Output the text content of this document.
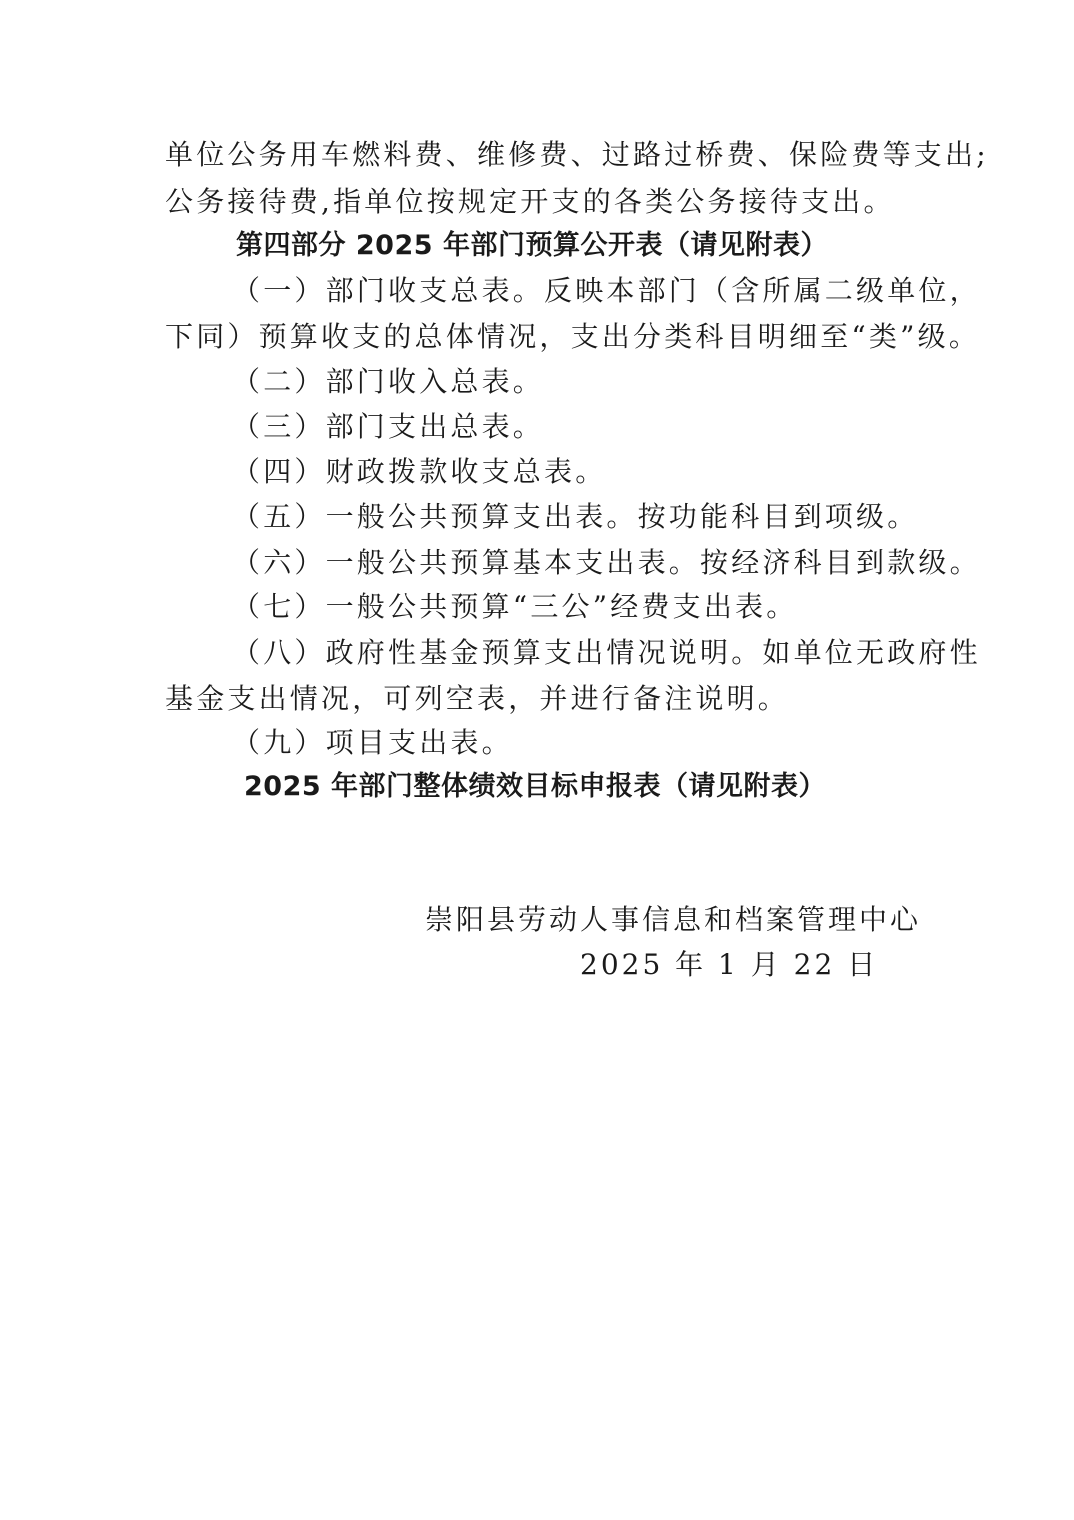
单位公务用车燃料费、维修费、过路过桥费、保险费等支出;
公务接待费,指单位按规定开支的各类公务接待支出。
第四部分 2025 年部门预算公开表（请见附表）
（一）部门收支总表。反映本部门（含所属二级单位，
下同）预算收支的总体情况，支出分类科目明细至“类”级。
（二）部门收入总表。
（三）部门支出总表。
（四）财政拨款收支总表。
（五）一般公共预算支出表。按功能科目到项级。
（六）一般公共预算基本支出表。按经济科目到款级。
（七）一般公共预算“三公”经费支出表。
（八）政府性基金预算支出情况说明。如单位无政府性
基金支出情况，可列空表，并进行备注说明。
（九）项目支出表。
2025 年部门整体绩效目标申报表（请见附表）
崇阳县劳动人事信息和档案管理中心
2025 年 1 月 22 日
